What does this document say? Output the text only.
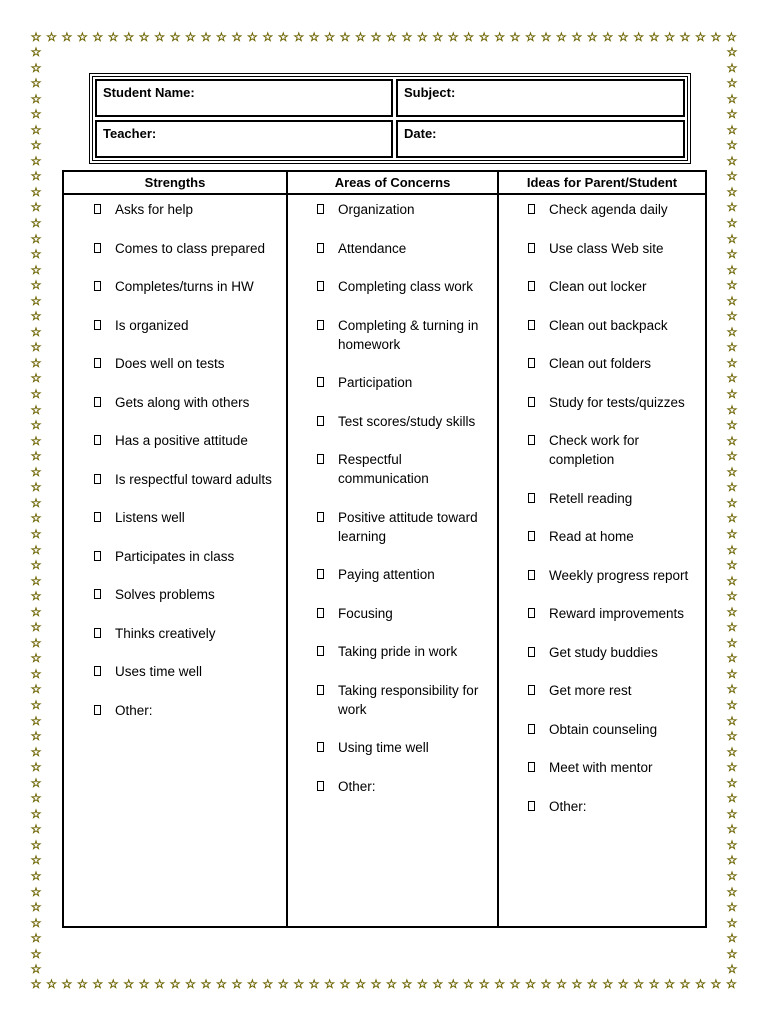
☆ ☆ ☆ ☆ ☆ ☆ ☆ ☆ ☆ ☆ ☆ ☆ ☆ ☆ ☆ ☆ ☆ ☆ ☆ ☆ ☆ ☆ ☆ ☆ ☆ ☆ ☆ ☆ ☆ ☆ ☆ ☆ ☆ ☆ ☆ ☆ ☆ ☆ ☆ ☆ ☆ ☆ ☆ ☆ ☆ ☆
☆ ☆ ☆ ☆ ☆ ☆ ☆ ☆ ☆ ☆ ☆ ☆ ☆ ☆ ☆ ☆ ☆ ☆ ☆ ☆ ☆ ☆ ☆ ☆ ☆ ☆ ☆ ☆ ☆ ☆ ☆ ☆ ☆ ☆ ☆ ☆ ☆ ☆ ☆ ☆ ☆ ☆ ☆ ☆ ☆ ☆
☆
☆
☆
☆
☆
☆
☆
☆
☆
☆
☆
☆
☆
☆
☆
☆
☆
☆
☆
☆
☆
☆
☆
☆
☆
☆
☆
☆
☆
☆
☆
☆
☆
☆
☆
☆
☆
☆
☆
☆
☆
☆
☆
☆
☆
☆
☆
☆
☆
☆
☆
☆
☆
☆
☆
☆
☆
☆
☆
☆
☆
☆
☆
☆
☆
☆
☆
☆
☆
☆
☆
☆
☆
☆
☆
☆
☆
☆
☆
☆
☆
☆
☆
☆
☆
☆
☆
☆
☆
☆
☆
☆
☆
☆
☆
☆
☆
☆
☆
☆
☆
☆
☆
☆
☆
☆
☆
☆
☆
☆
☆
☆
☆
☆
☆
☆
☆
☆
☆
☆
Student Name:	Subject:
Teacher:	Date:
Strengths
Asks for help
Comes to class prepared
Completes/turns in HW
Is organized
Does well on tests
Gets along with others
Has a positive attitude
Is respectful toward adults
Listens well
Participates in class
Solves problems
Thinks creatively
Uses time well
Other:
Areas of Concerns
Organization
Attendance
Completing class work
Completing & turning in homework
Participation
Test scores/study skills
Respectful communication
Positive attitude toward learning
Paying attention
Focusing
Taking pride in work
Taking responsibility for work
Using time well
Other:
Ideas for Parent/Student
Check agenda daily
Use class Web site
Clean out locker
Clean out backpack
Clean out folders
Study for tests/quizzes
Check work for completion
Retell reading
Read at home
Weekly progress report
Reward improvements
Get study buddies
Get more rest
Obtain counseling
Meet with mentor
Other:
